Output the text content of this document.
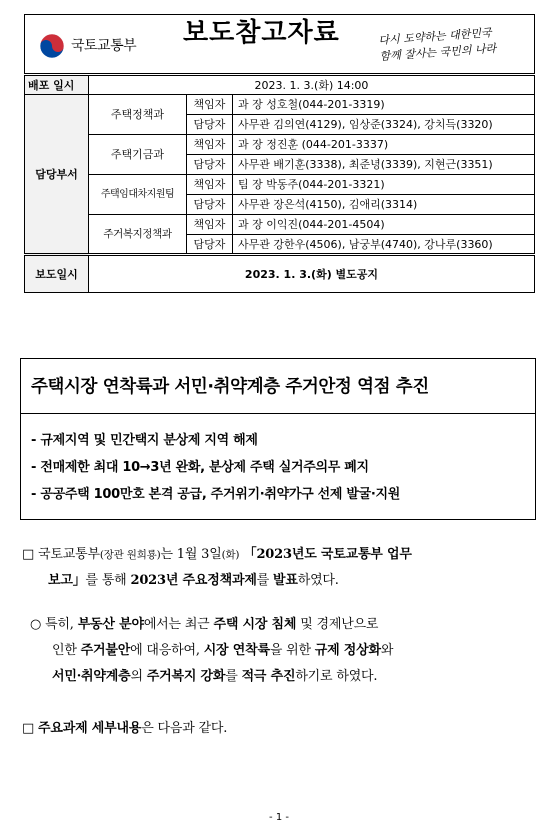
국토교통부 보도참고자료 다시 도약하는 대한민국
함께 잘사는 국민의 나라			

배포 일시	2023. 1. 3.(화) 14:00		
담당부서	주택정책과	책임자	과 장 성호철(044-201-3319)
		담당자	사무관 김의연(4129), 임상준(3324), 강치득(3320)
	주택기금과	책임자	과 장 정진훈 (044-201-3337)
		담당자	사무관 배기훈(3338), 최준녕(3339), 지현근(3351)
	주택임대차지원팀	책임자	팀 장 박동주(044-201-3321)
		담당자	사무관 장은석(4150), 김애리(3314)
	주거복지정책과	책임자	과 장 이익진(044-201-4504)
		담당자	사무관 강한우(4506), 남궁부(4740), 강나루(3360)
보도일시	2023. 1. 3.(화) 별도공지		
주택시장 연착륙과 서민·취약계층 주거안정 역점 추진
- 규제지역 및 민간택지 분상제 지역 해제
- 전매제한 최대 10→3년 완화, 분상제 주택 실거주의무 폐지
- 공공주택 100만호 본격 공급, 주거위기·취약가구 선제 발굴·지원
□ 국토교통부(장관 원희룡)는 1월 3일(화) 「2023년도 국토교통부 업무
보고」를 통해 2023년 주요정책과제를 발표하였다.
○ 특히, 부동산 분야에서는 최근 주택 시장 침체 및 경제난으로
인한 주거불안에 대응하여, 시장 연착륙을 위한 규제 정상화와
서민·취약계층의 주거복지 강화를 적극 추진하기로 하였다.
□ 주요과제 세부내용은 다음과 같다.
- 1 -
